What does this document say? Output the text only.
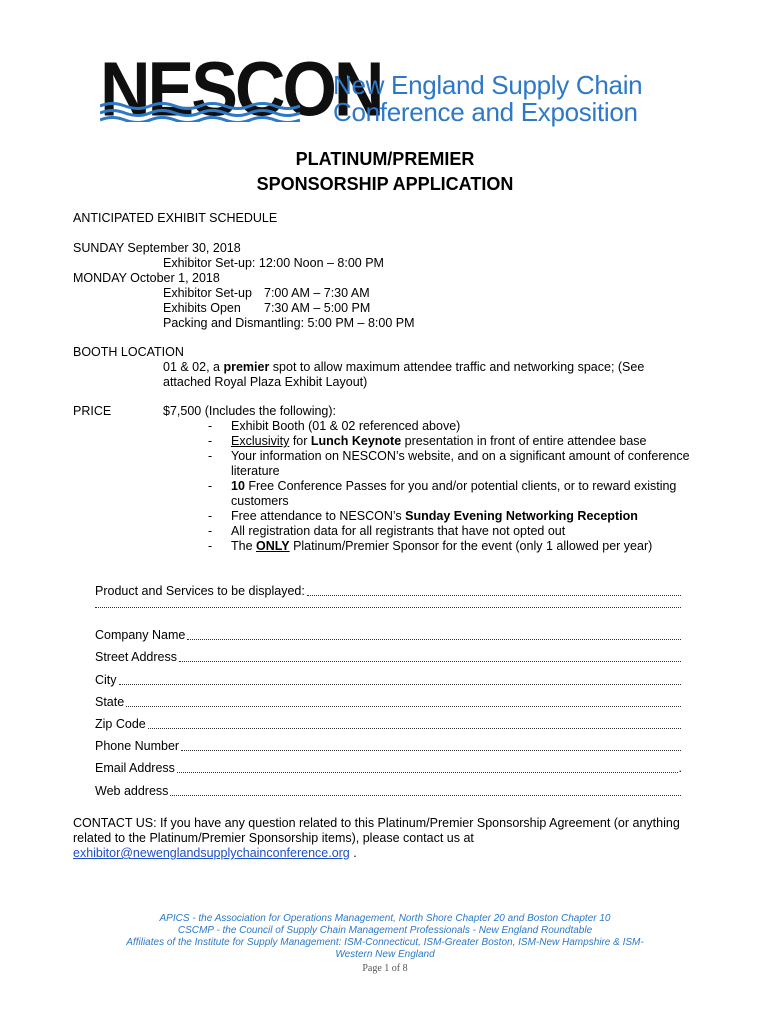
NESCON
New England Supply Chain
Conference and Exposition
PLATINUM/PREMIER
SPONSORSHIP APPLICATION
ANTICIPATED EXHIBIT SCHEDULE
SUNDAY September 30, 2018
Exhibitor Set-up: 12:00 Noon – 8:00 PM
MONDAY October 1, 2018
Exhibitor Set-up 7:00 AM – 7:30 AM
Exhibits Open 7:30 AM – 5:00 PM
Packing and Dismantling: 5:00 PM – 8:00 PM
BOOTH LOCATION
01 & 02, a premier spot to allow maximum attendee traffic and networking space; (See
attached Royal Plaza Exhibit Layout)
PRICE	$7,500 (Includes the following):
- Exhibit Booth (01 & 02 referenced above)
- Exclusivity for Lunch Keynote presentation in front of entire attendee base
- Your information on NESCON’s website, and on a significant amount of conference
literature
- 10 Free Conference Passes for you and/or potential clients, or to reward existing
customers
- Free attendance to NESCON’s Sunday Evening Networking Reception
- All registration data for all registrants that have not opted out
- The ONLY Platinum/Premier Sponsor for the event (only 1 allowed per year)
Product and Services to be displayed:
Company Name
Street Address
City
State
Zip Code
Phone Number
Email Address	.
Web address
CONTACT US: If you have any question related to this Platinum/Premier Sponsorship Agreement (or anything related to the Platinum/Premier Sponsorship items), please contact us at
exhibitor@newenglandsupplychainconference.org .
APICS - the Association for Operations Management, North Shore Chapter 20 and Boston Chapter 10
CSCMP - the Council of Supply Chain Management Professionals - New England Roundtable
Affiliates of the Institute for Supply Management: ISM-Connecticut, ISM-Greater Boston, ISM-New Hampshire & ISM-
Western New England
Page 1 of 8
